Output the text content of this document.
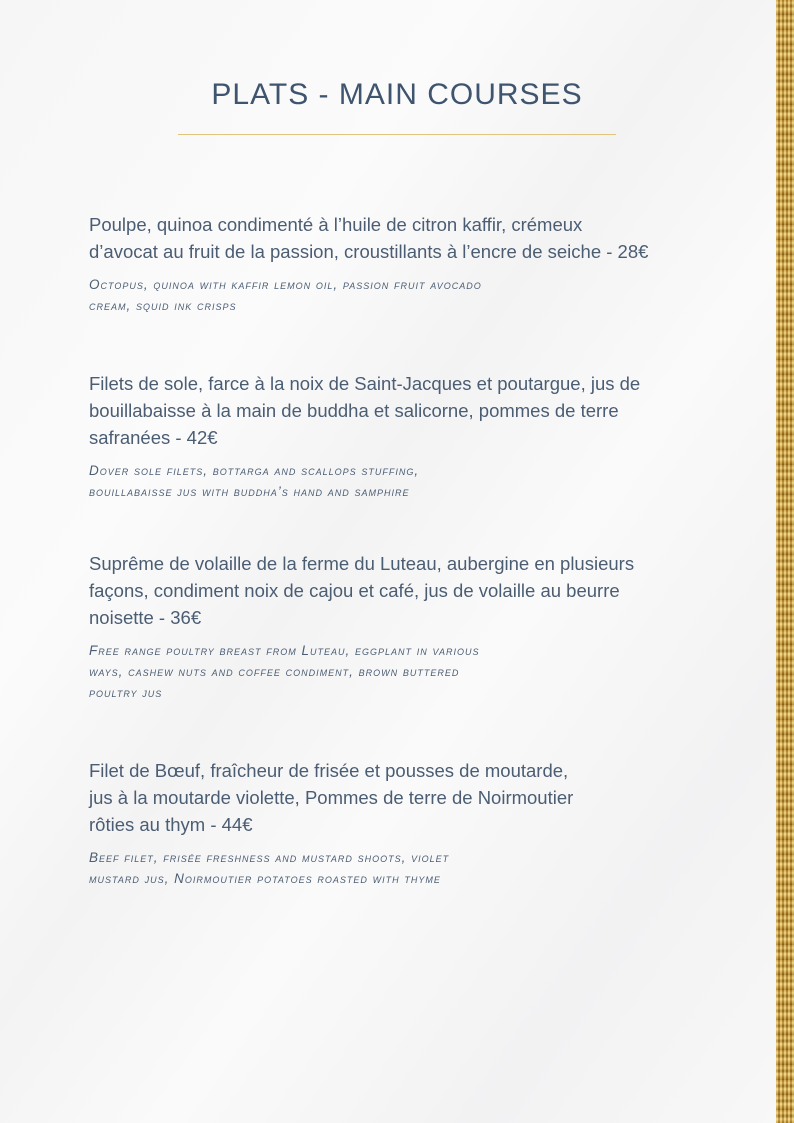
PLATS - MAIN COURSES
Poulpe, quinoa condimenté à l’huile de citron kaffir, crémeux
d’avocat au fruit de la passion, croustillants à l’encre de seiche - 28€
Octopus, quinoa with kaffir lemon oil, passion fruit avocado
cream, squid ink crisps
Filets de sole, farce à la noix de Saint-Jacques et poutargue, jus de
bouillabaisse à la main de buddha et salicorne, pommes de terre
safranées - 42€
Dover sole filets, bottarga and scallops stuffing,
bouillabaisse jus with buddha’s hand and samphire
Suprême de volaille de la ferme du Luteau, aubergine en plusieurs
façons, condiment noix de cajou et café, jus de volaille au beurre
noisette - 36€
Free range poultry breast from Luteau, eggplant in various
ways, cashew nuts and coffee condiment, brown buttered
poultry jus
Filet de Bœuf, fraîcheur de frisée et pousses de moutarde,
jus à la moutarde violette, Pommes de terre de Noirmoutier
rôties au thym - 44€
Beef filet, frisée freshness and mustard shoots, violet
mustard jus, Noirmoutier potatoes roasted with thyme
